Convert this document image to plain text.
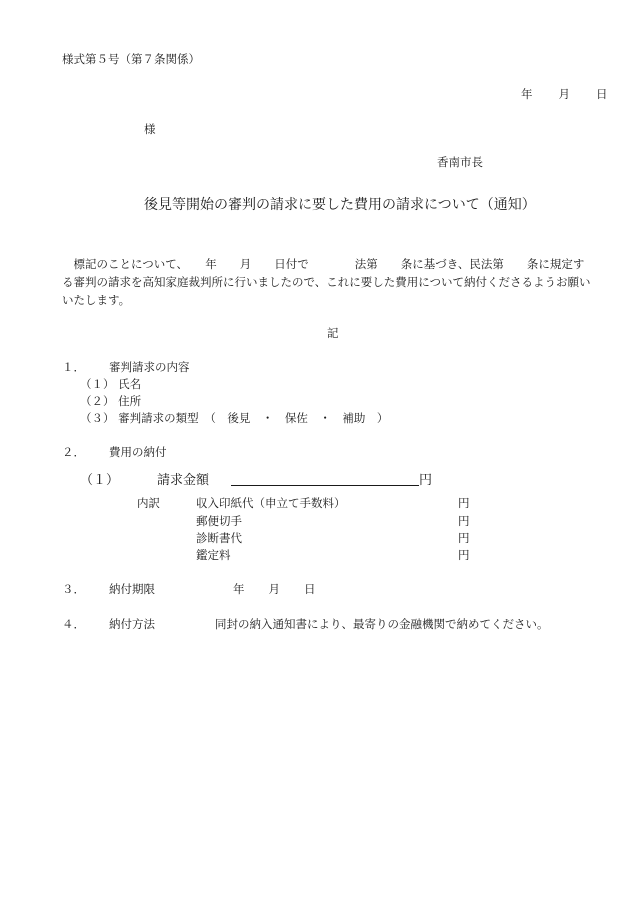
様式第５号（第７条関係）
年 月 日
様
香南市長
後見等開始の審判の請求に要した費用の請求について（通知）

　標記のことについて、　　年　　月　　日付で　　　　法第　　条に基づき、民法第　　条に規定す

る審判の請求を高知家庭裁判所に行いましたので、これに要した費用について納付くださるようお願い

いたします。

記
１． 審判請求の内容
（１） 氏名
（２） 住所
（３） 審判請求の類型　（　後見　・　保佐　・　補助　）
２． 費用の納付
（１）	請求金額	円
内訳	収入印紙代（申立て手数料）	円
郵便切手	円
診断書代	円
鑑定料	円
３． 納付期限	年 月 日
４． 納付方法	同封の納入通知書により、最寄りの金融機関で納めてください。
